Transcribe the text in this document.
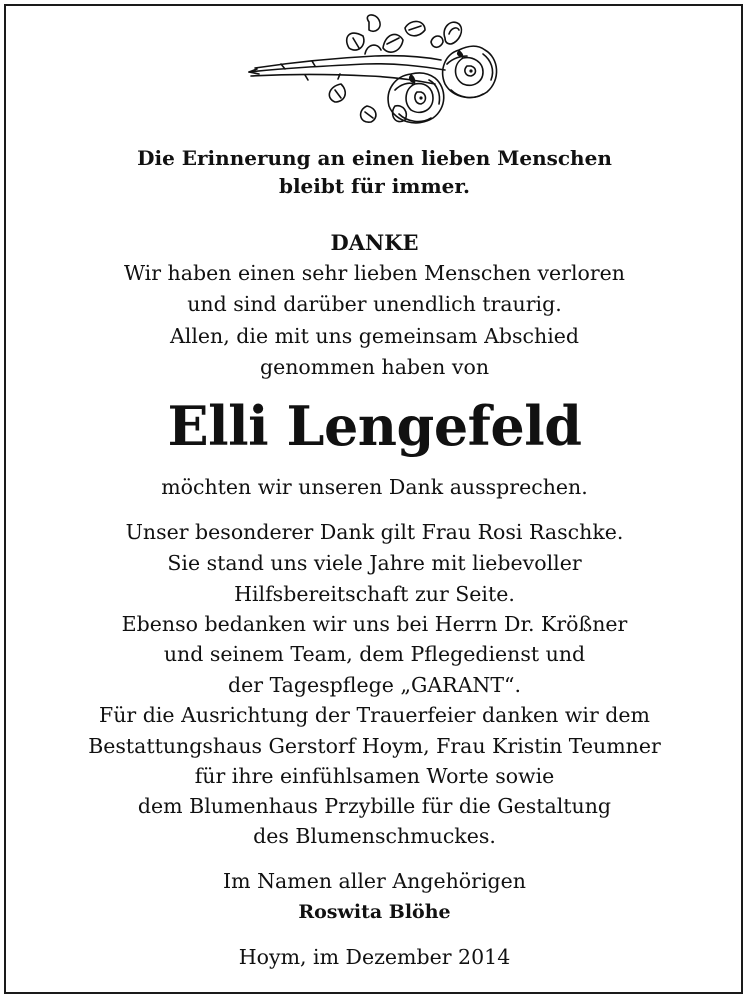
Die Erinnerung an einen lieben Menschen
bleibt für immer.
DANKE
Wir haben einen sehr lieben Menschen verloren
und sind darüber unendlich traurig.
Allen, die mit uns gemeinsam Abschied
genommen haben von
Elli Lengefeld
möchten wir unseren Dank aussprechen.
Unser besonderer Dank gilt Frau Rosi Raschke.
Sie stand uns viele Jahre mit liebevoller
Hilfsbereitschaft zur Seite.
Ebenso bedanken wir uns bei Herrn Dr. Krößner
und seinem Team, dem Pflegedienst und
der Tagespflege „GARANT“.
Für die Ausrichtung der Trauerfeier danken wir dem
Bestattungshaus Gerstorf Hoym, Frau Kristin Teumner
für ihre einfühlsamen Worte sowie
dem Blumenhaus Przybille für die Gestaltung
des Blumenschmuckes.
Im Namen aller Angehörigen
Roswita Blöhe
Hoym, im Dezember 2014
